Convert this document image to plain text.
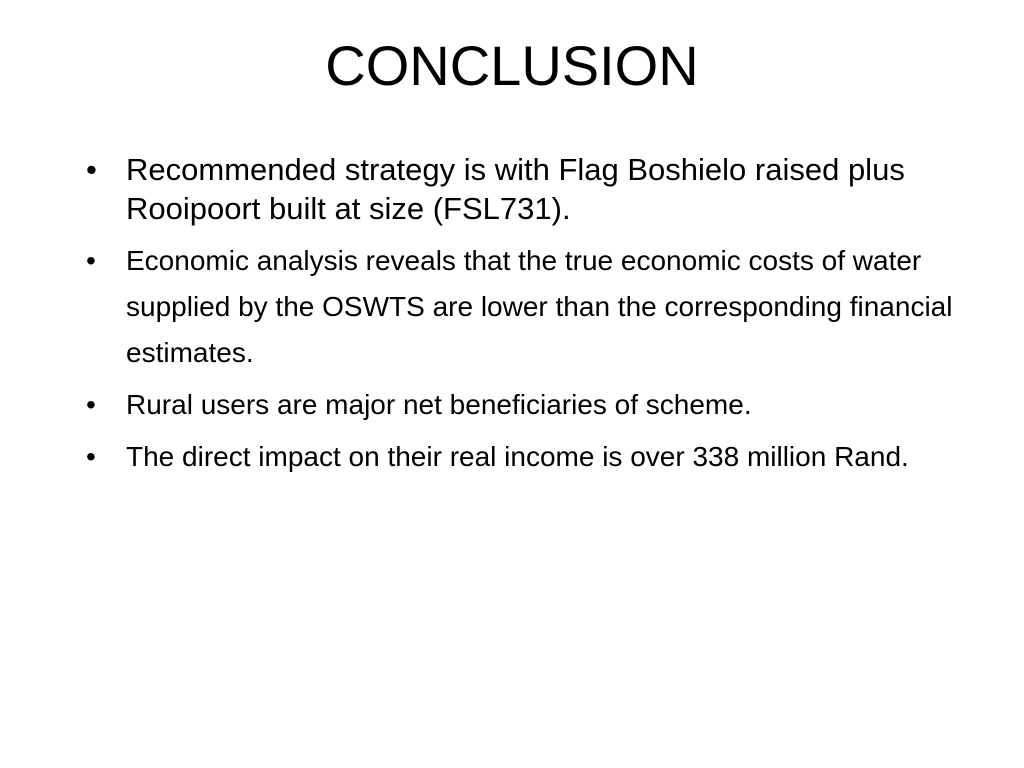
CONCLUSION
• Recommended strategy is with Flag Boshielo raised plus Rooipoort built at size (FSL731).
• Economic analysis reveals that the true economic costs of water supplied by the OSWTS are lower than the corresponding financial estimates.
• Rural users are major net beneficiaries of scheme.
• The direct impact on their real income is over 338 million Rand.
